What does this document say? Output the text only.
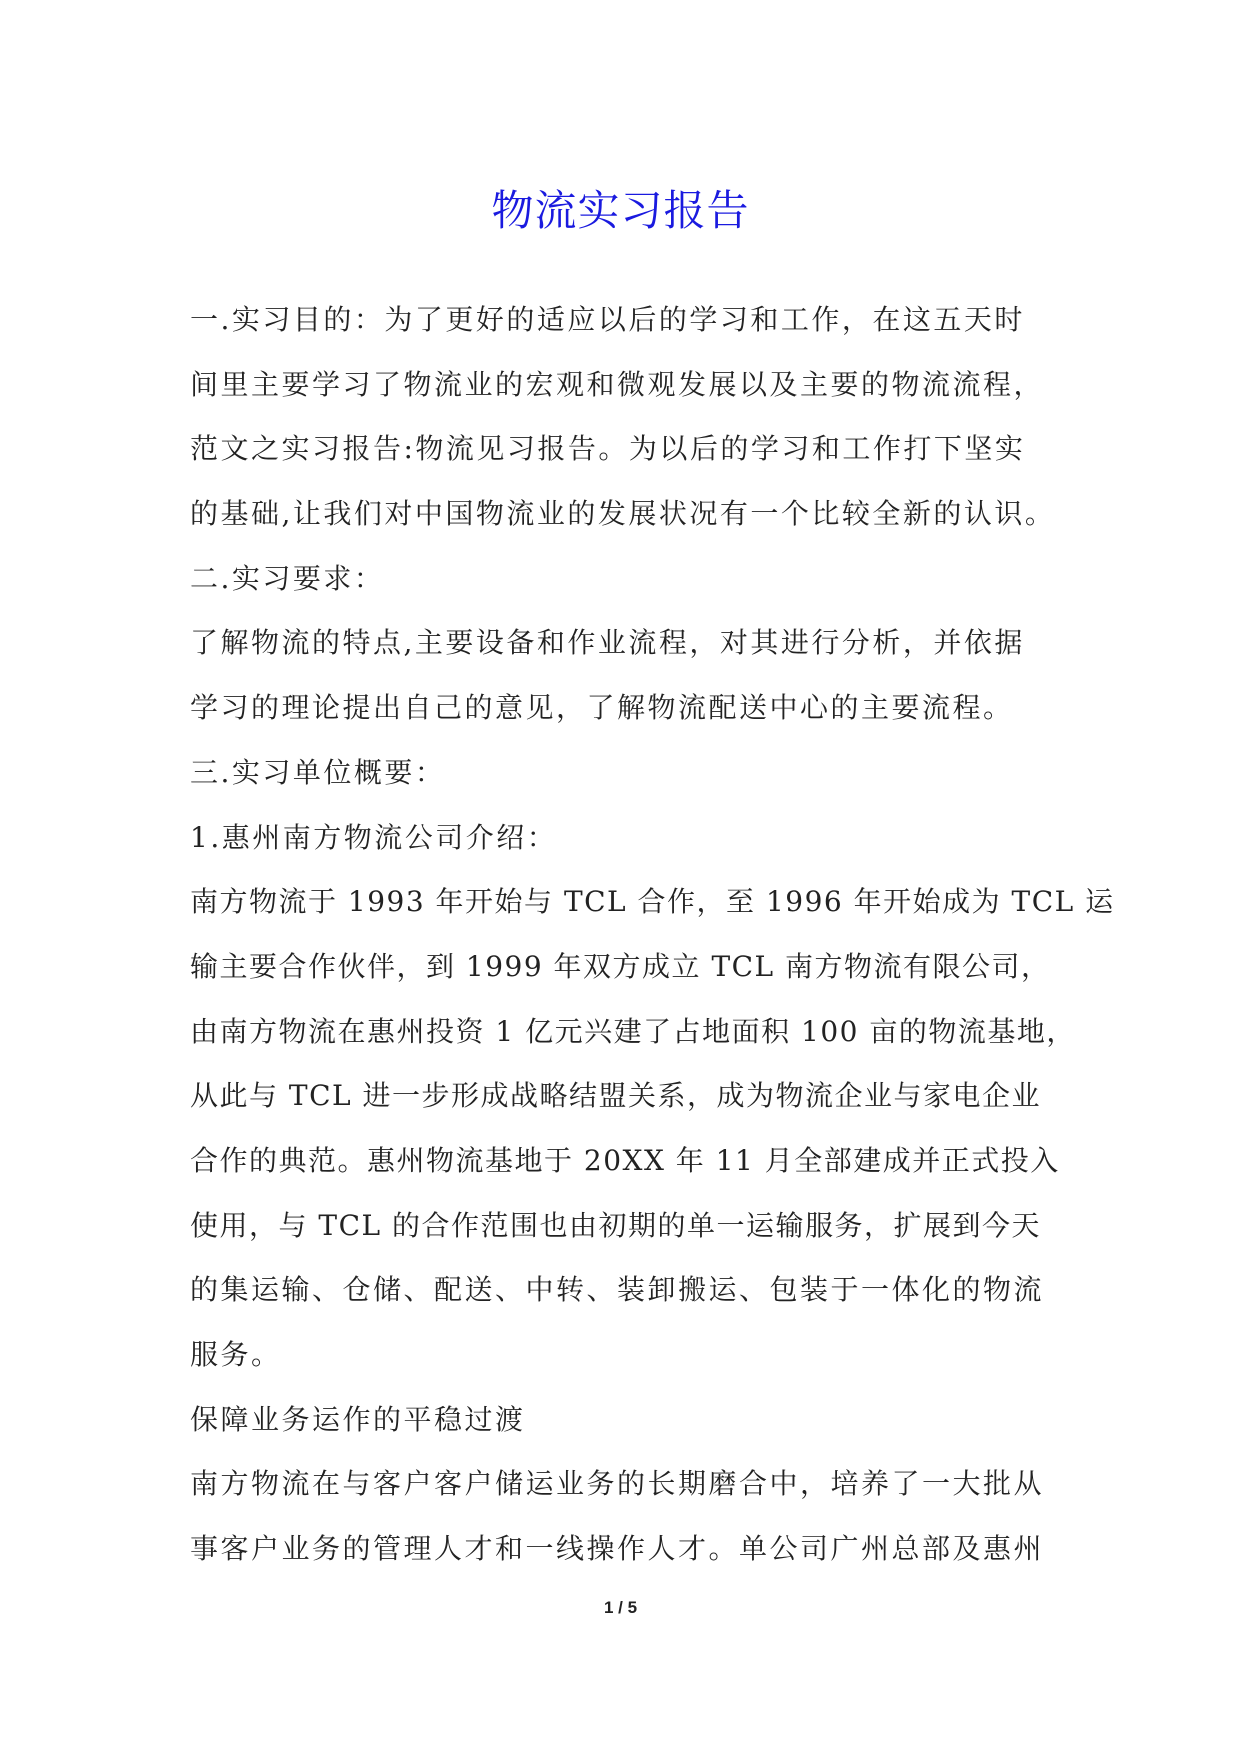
物流实习报告
一.实习目的：为了更好的适应以后的学习和工作，在这五天时
间里主要学习了物流业的宏观和微观发展以及主要的物流流程，
范文之实习报告:物流见习报告。为以后的学习和工作打下坚实
的基础,让我们对中国物流业的发展状况有一个比较全新的认识。
二.实习要求：
了解物流的特点,主要设备和作业流程，对其进行分析，并依据
学习的理论提出自己的意见，了解物流配送中心的主要流程。
三.实习单位概要：
1.惠州南方物流公司介绍：
南方物流于 1993 年开始与 TCL 合作，至 1996 年开始成为 TCL 运
输主要合作伙伴，到 1999 年双方成立 TCL 南方物流有限公司，
由南方物流在惠州投资 1 亿元兴建了占地面积 100 亩的物流基地，
从此与 TCL 进一步形成战略结盟关系，成为物流企业与家电企业
合作的典范。惠州物流基地于 20XX 年 11 月全部建成并正式投入
使用，与 TCL 的合作范围也由初期的单一运输服务，扩展到今天
的集运输、仓储、配送、中转、装卸搬运、包装于一体化的物流
服务。
保障业务运作的平稳过渡
南方物流在与客户客户储运业务的长期磨合中，培养了一大批从
事客户业务的管理人才和一线操作人才。单公司广州总部及惠州
1 / 5
